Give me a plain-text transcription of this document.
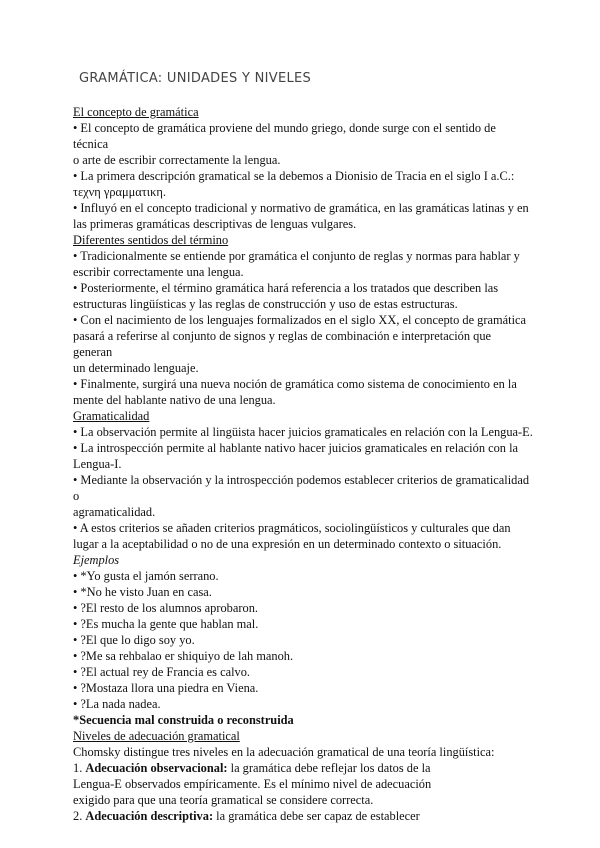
GRAMÁTICA: UNIDADES Y NIVELES
El concepto de gramática
• El concepto de gramática proviene del mundo griego, donde surge con el sentido de técnica
o arte de escribir correctamente la lengua.
• La primera descripción gramatical se la debemos a Dionisio de Tracia en el siglo I a.C.:
τεχνη γραμματικη.
• Influyó en el concepto tradicional y normativo de gramática, en las gramáticas latinas y en
las primeras gramáticas descriptivas de lenguas vulgares.
Diferentes sentidos del término
• Tradicionalmente se entiende por gramática el conjunto de reglas y normas para hablar y
escribir correctamente una lengua.
• Posteriormente, el término gramática hará referencia a los tratados que describen las
estructuras lingüísticas y las reglas de construcción y uso de estas estructuras.
• Con el nacimiento de los lenguajes formalizados en el siglo XX, el concepto de gramática
pasará a referirse al conjunto de signos y reglas de combinación e interpretación que generan
un determinado lenguaje.
• Finalmente, surgirá una nueva noción de gramática como sistema de conocimiento en la
mente del hablante nativo de una lengua.
Gramaticalidad
• La observación permite al lingüista hacer juicios gramaticales en relación con la Lengua-E.
• La introspección permite al hablante nativo hacer juicios gramaticales en relación con la
Lengua-I.
• Mediante la observación y la introspección podemos establecer criterios de gramaticalidad o
agramaticalidad.
• A estos criterios se añaden criterios pragmáticos, sociolingüísticos y culturales que dan
lugar a la aceptabilidad o no de una expresión en un determinado contexto o situación.
Ejemplos
• *Yo gusta el jamón serrano.
• *No he visto Juan en casa.
• ?El resto de los alumnos aprobaron.
• ?Es mucha la gente que hablan mal.
• ?El que lo digo soy yo.
• ?Me sa rehbalao er shiquiyo de lah manoh.
• ?El actual rey de Francia es calvo.
• ?Mostaza llora una piedra en Viena.
• ?La nada nadea.
*Secuencia mal construida o reconstruida
Niveles de adecuación gramatical
Chomsky distingue tres niveles en la adecuación gramatical de una teoría lingüística:
1. Adecuación observacional: la gramática debe reflejar los datos de la
Lengua-E observados empíricamente. Es el mínimo nivel de adecuación
exigido para que una teoría gramatical se considere correcta.
2. Adecuación descriptiva: la gramática debe ser capaz de establecer
